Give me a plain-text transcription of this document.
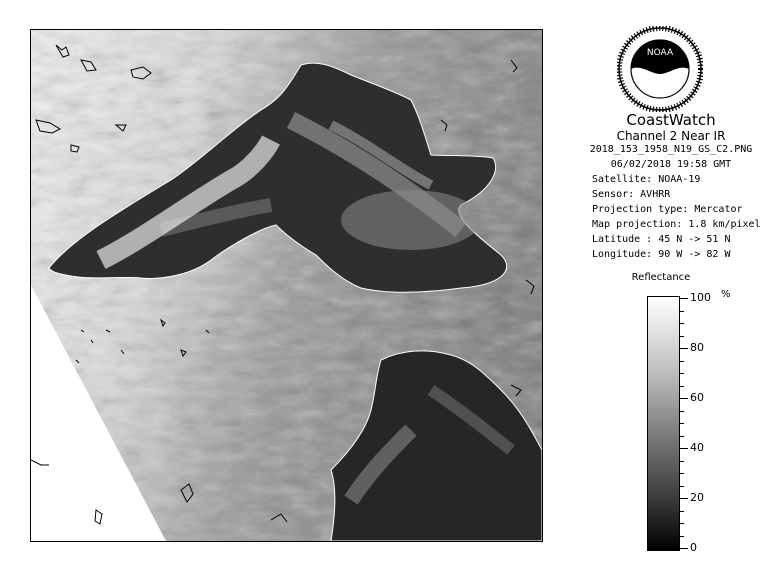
NOAA
CoastWatch
Channel 2 Near IR
2018_153_1958_N19_GS_C2.PNG
06/02/2018 19:58 GMT
Satellite: NOAA-19
Sensor: AVHRR
Projection type: Mercator
Map projection: 1.8 km/pixel
Latitude : 45 N -> 51 N
Longitude: 90 W -> 82 W
Reflectance
%
100
80
60
40
20
0
